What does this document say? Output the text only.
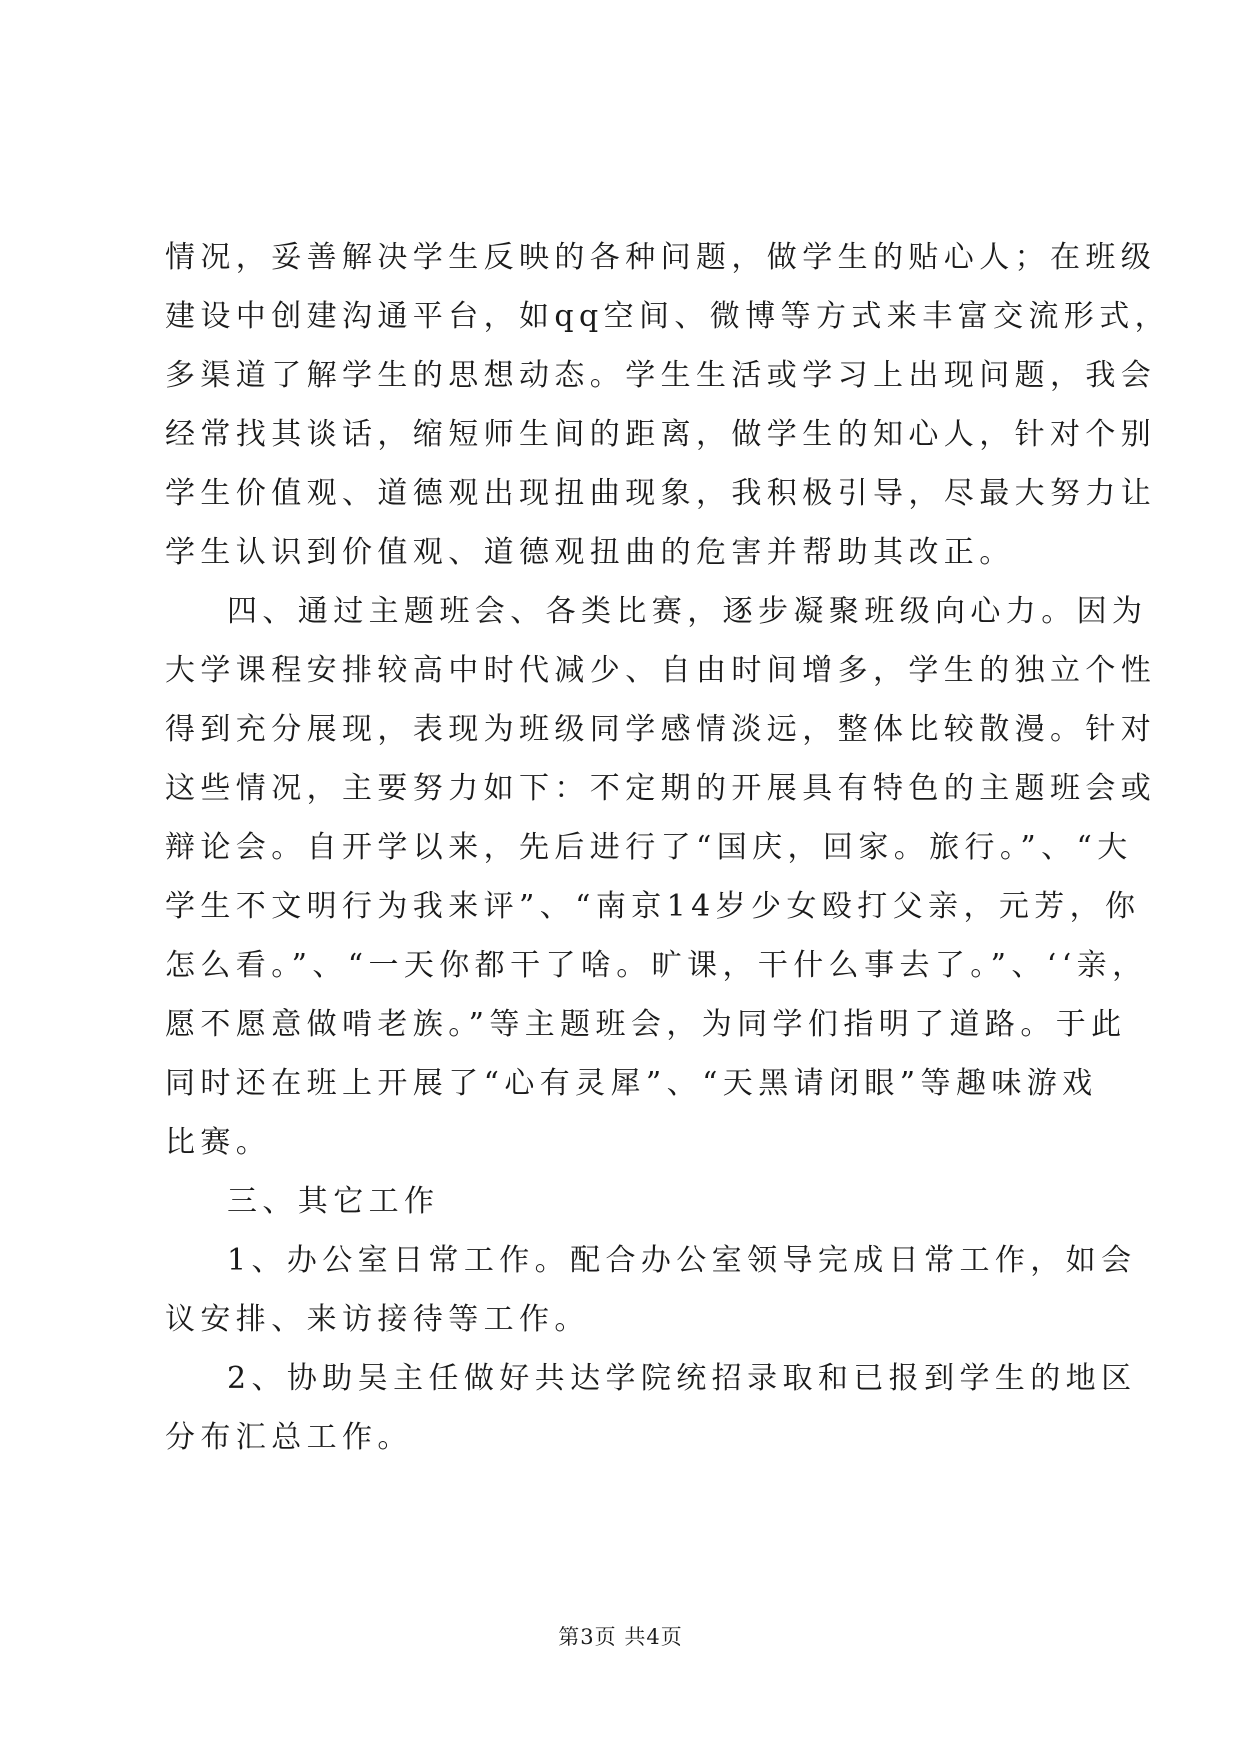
情况，妥善解决学生反映的各种问题，做学生的贴心人；在班级
建设中创建沟通平台，如qq空间、微博等方式来丰富交流形式，
多渠道了解学生的思想动态。学生生活或学习上出现问题，我会
经常找其谈话，缩短师生间的距离，做学生的知心人，针对个别
学生价值观、道德观出现扭曲现象，我积极引导，尽最大努力让
学生认识到价值观、道德观扭曲的危害并帮助其改正。
四、通过主题班会、各类比赛，逐步凝聚班级向心力。因为
大学课程安排较高中时代减少、自由时间增多，学生的独立个性
得到充分展现，表现为班级同学感情淡远，整体比较散漫。针对
这些情况，主要努力如下：不定期的开展具有特色的主题班会或
辩论会。自开学以来，先后进行了“国庆，回家。旅行。”、“大
学生不文明行为我来评”、“南京14岁少女殴打父亲，元芳，你
怎么看。”、“一天你都干了啥。旷课，干什么事去了。”、‘‘亲，
愿不愿意做啃老族。”等主题班会，为同学们指明了道路。于此
同时还在班上开展了“心有灵犀”、“天黑请闭眼”等趣味游戏
比赛。
三、其它工作
1、办公室日常工作。配合办公室领导完成日常工作，如会
议安排、来访接待等工作。
2、协助吴主任做好共达学院统招录取和已报到学生的地区
分布汇总工作。
第3页 共4页
